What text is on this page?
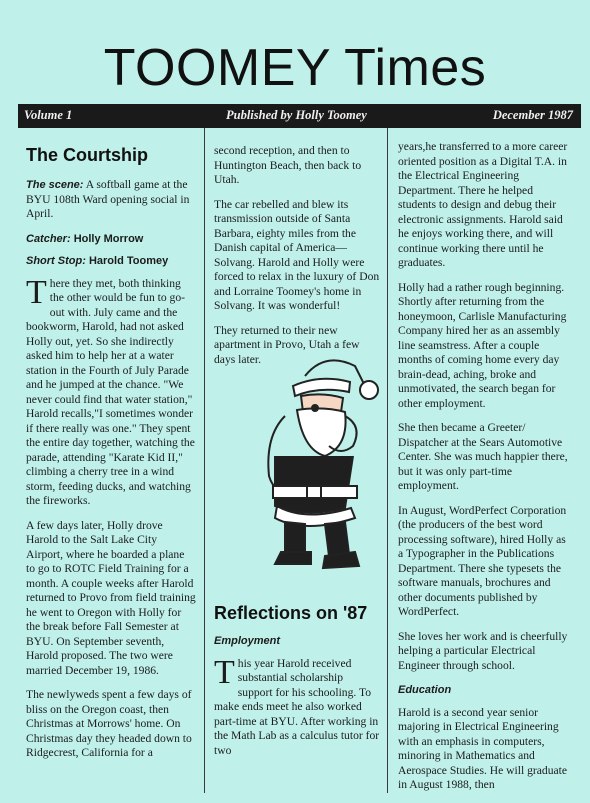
TOOMEY Times
Volume 1	Published by Holly Toomey	December 1987
The Courtship

The scene: A softball game at the BYU 108th Ward opening social in April.

Catcher: Holly Morrow

Short Stop: Harold Toomey

There they met, both thinking the other would be fun to go-out with. July came and the bookworm, Harold, had not asked Holly out, yet. So she indirectly asked him to help her at a water station in the Fourth of July Parade and he jumped at the chance. "We never could find that water station," Harold recalls,"I sometimes wonder if there really was one." They spent the entire day together, watching the parade, attending "Karate Kid II," climbing a cherry tree in a wind storm, feeding ducks, and watching the fireworks.

A few days later, Holly drove Harold to the Salt Lake City Airport, where he boarded a plane to go to ROTC Field Training for a month. A couple weeks after Harold returned to Provo from field training he went to Oregon with Holly for the break before Fall Semester at BYU. On September seventh, Harold proposed. The two were married December 19, 1986.

The newlyweds spent a few days of bliss on the Oregon coast, then Christmas at Morrows' home. On Christmas day they headed down to Ridgecrest, California for a

second reception, and then to Huntington Beach, then back to Utah.

The car rebelled and blew its transmission outside of Santa Barbara, eighty miles from the Danish capital of America—Solvang. Harold and Holly were forced to relax in the luxury of Don and Lorraine Toomey's home in Solvang. It was wonderful!

They returned to their new apartment in Provo, Utah a few days later.

Reflections on '87
Employment

This year Harold received substantial scholarship support for his schooling. To make ends meet he also worked part-time at BYU. After working in the Math Lab as a calculus tutor for two

years,he transferred to a more career oriented position as a Digital T.A. in the Electrical Engineering Department. There he helped students to design and debug their electronic assignments. Harold said he enjoys working there, and will continue working there until he graduates.

Holly had a rather rough beginning. Shortly after returning from the honeymoon, Carlisle Manufacturing Company hired her as an assembly line seamstress. After a couple months of coming home every day brain-dead, aching, broke and unmotivated, the search began for other employment.

She then became a Greeter/ Dispatcher at the Sears Automotive Center. She was much happier there, but it was only part-time employment.

In August, WordPerfect Corporation (the producers of the best word processing software), hired Holly as a Typographer in the Publications Department. There she typesets the software manuals, brochures and other documents published by WordPerfect.

She loves her work and is cheerfully helping a particular Electrical Engineer through school.

Education

Harold is a second year senior majoring in Electrical Engineering with an emphasis in computers, minoring in Mathematics and Aerospace Studies. He will graduate in August 1988, then
